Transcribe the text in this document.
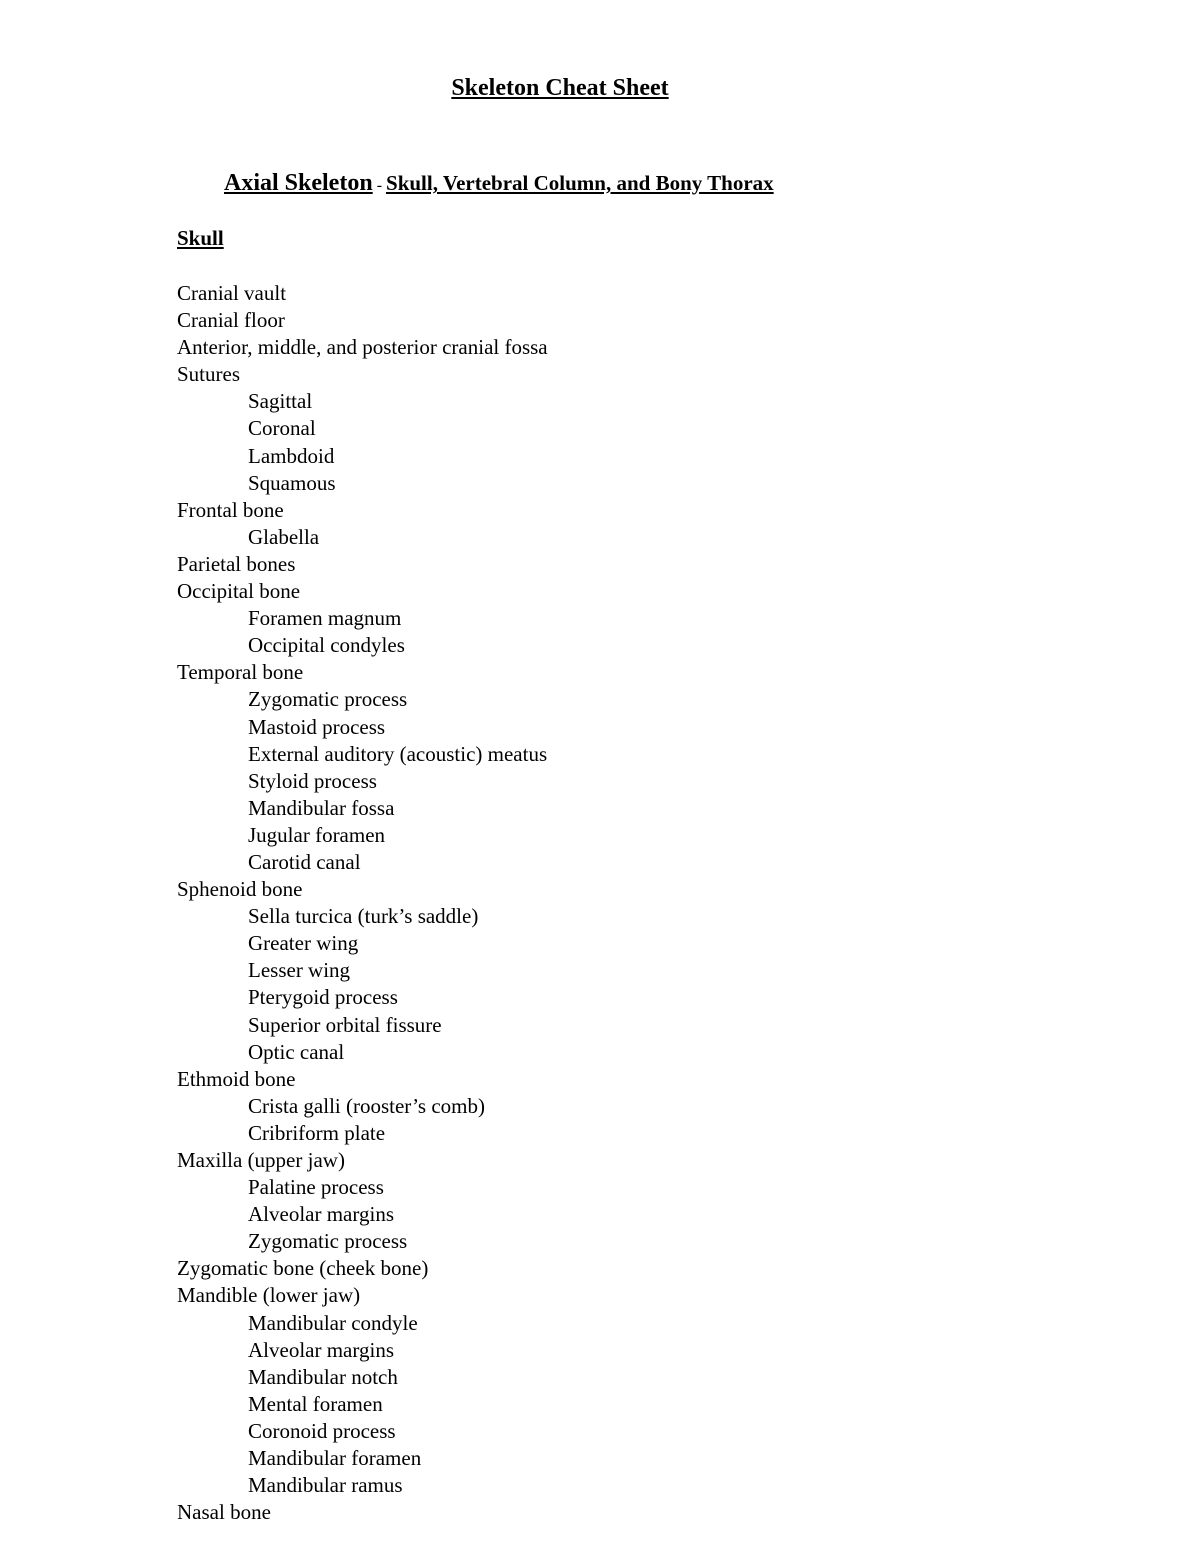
Skeleton Cheat Sheet
Axial Skeleton - Skull, Vertebral Column, and Bony Thorax
Skull
Cranial vault
Cranial floor
Anterior, middle, and posterior cranial fossa
Sutures
Sagittal
Coronal
Lambdoid
Squamous
Frontal bone
Glabella
Parietal bones
Occipital bone
Foramen magnum
Occipital condyles
Temporal bone
Zygomatic process
Mastoid process
External auditory (acoustic) meatus
Styloid process
Mandibular fossa
Jugular foramen
Carotid canal
Sphenoid bone
Sella turcica (turk’s saddle)
Greater wing
Lesser wing
Pterygoid process
Superior orbital fissure
Optic canal
Ethmoid bone
Crista galli (rooster’s comb)
Cribriform plate
Maxilla (upper jaw)
Palatine process
Alveolar margins
Zygomatic process
Zygomatic bone (cheek bone)
Mandible (lower jaw)
Mandibular condyle
Alveolar margins
Mandibular notch
Mental foramen
Coronoid process
Mandibular foramen
Mandibular ramus
Nasal bone
